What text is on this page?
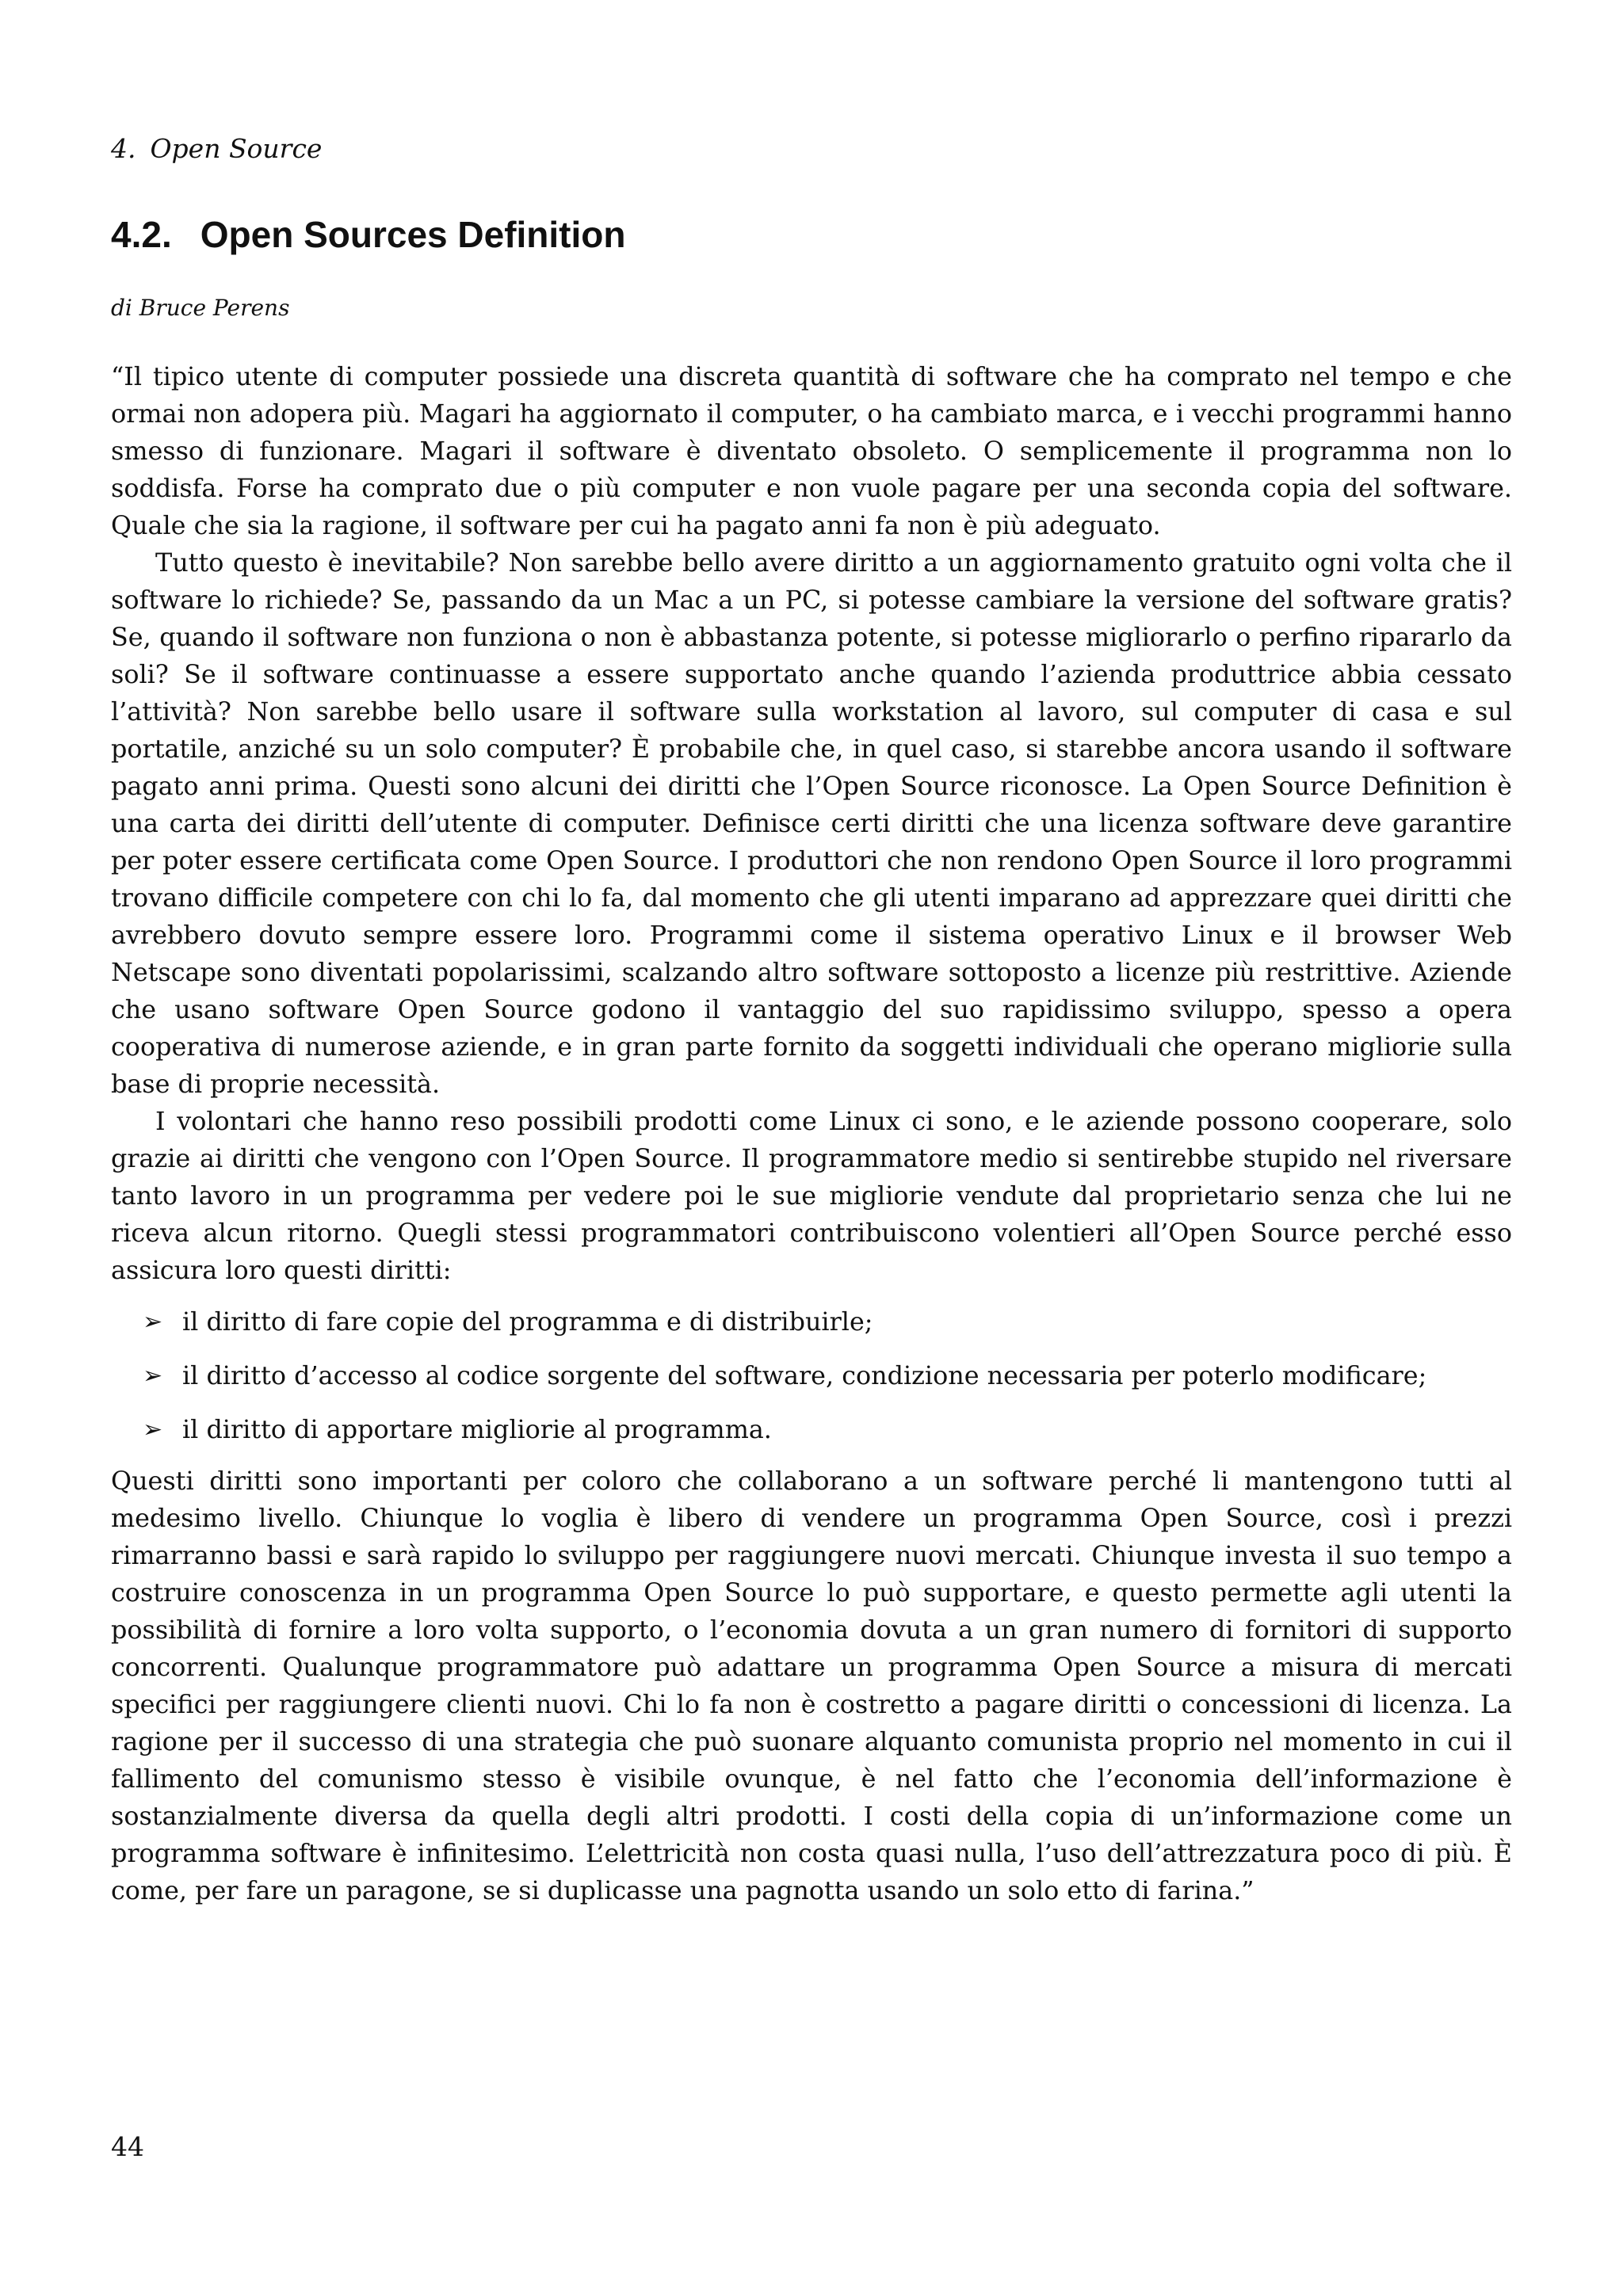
4. Open Source
4.2. Open Sources Definition
di Bruce Perens

“Il tipico utente di computer possiede una discreta quantità di software che ha comprato nel tempo e che ormai non adopera più. Magari ha aggiornato il computer, o ha cambiato marca, e i vecchi programmi hanno smesso di funzionare. Magari il software è diventato obsoleto. O semplicemente il programma non lo soddisfa. Forse ha comprato due o più computer e non vuole pagare per una seconda copia del software. Quale che sia la ragione, il software per cui ha pagato anni fa non è più adeguato.

Tutto questo è inevitabile? Non sarebbe bello avere diritto a un aggiornamento gratuito ogni volta che il software lo richiede? Se, passando da un Mac a un PC, si potesse cambiare la versione del software gratis? Se, quando il software non funziona o non è abbastanza potente, si potesse migliorarlo o perfino ripararlo da soli? Se il software continuasse a essere supportato anche quando l’azienda produttrice abbia cessato l’attività? Non sarebbe bello usare il software sulla workstation al lavoro, sul computer di casa e sul portatile, anziché su un solo computer? È probabile che, in quel caso, si starebbe ancora usando il software pagato anni prima. Questi sono alcuni dei diritti che l’Open Source riconosce. La Open Source Definition è una carta dei diritti dell’utente di computer. Definisce certi diritti che una licenza software deve garantire per poter essere certificata come Open Source. I produttori che non rendono Open Source il loro programmi trovano difficile competere con chi lo fa, dal momento che gli utenti imparano ad apprezzare quei diritti che avrebbero dovuto sempre essere loro. Programmi come il sistema operativo Linux e il browser Web Netscape sono diventati popolarissimi, scalzando altro software sottoposto a licenze più restrittive. Aziende che usano software Open Source godono il vantaggio del suo rapidissimo sviluppo, spesso a opera cooperativa di numerose aziende, e in gran parte fornito da soggetti individuali che operano migliorie sulla base di proprie necessità.

I volontari che hanno reso possibili prodotti come Linux ci sono, e le aziende possono cooperare, solo grazie ai diritti che vengono con l’Open Source. Il programmatore medio si sentirebbe stupido nel riversare tanto lavoro in un programma per vedere poi le sue migliorie vendute dal proprietario senza che lui ne riceva alcun ritorno. Quegli stessi programmatori contribuiscono volentieri all’Open Source perché esso assicura loro questi diritti:

➢ il diritto di fare copie del programma e di distribuirle;
➢ il diritto d’accesso al codice sorgente del software, condizione necessaria per poterlo modificare;
➢ il diritto di apportare migliorie al programma.

Questi diritti sono importanti per coloro che collaborano a un software perché li mantengono tutti al medesimo livello. Chiunque lo voglia è libero di vendere un programma Open Source, così i prezzi rimarranno bassi e sarà rapido lo sviluppo per raggiungere nuovi mercati. Chiunque investa il suo tempo a costruire conoscenza in un programma Open Source lo può supportare, e questo permette agli utenti la possibilità di fornire a loro volta supporto, o l’economia dovuta a un gran numero di fornitori di supporto concorrenti. Qualunque programmatore può adattare un programma Open Source a misura di mercati specifici per raggiungere clienti nuovi. Chi lo fa non è costretto a pagare diritti o concessioni di licenza. La ragione per il successo di una strategia che può suonare alquanto comunista proprio nel momento in cui il fallimento del comunismo stesso è visibile ovunque, è nel fatto che l’economia dell’informazione è sostanzialmente diversa da quella degli altri prodotti. I costi della copia di un’informazione come un programma software è infinitesimo. L’elettricità non costa quasi nulla, l’uso dell’attrezzatura poco di più. È come, per fare un paragone, se si duplicasse una pagnotta usando un solo etto di farina.”

44
